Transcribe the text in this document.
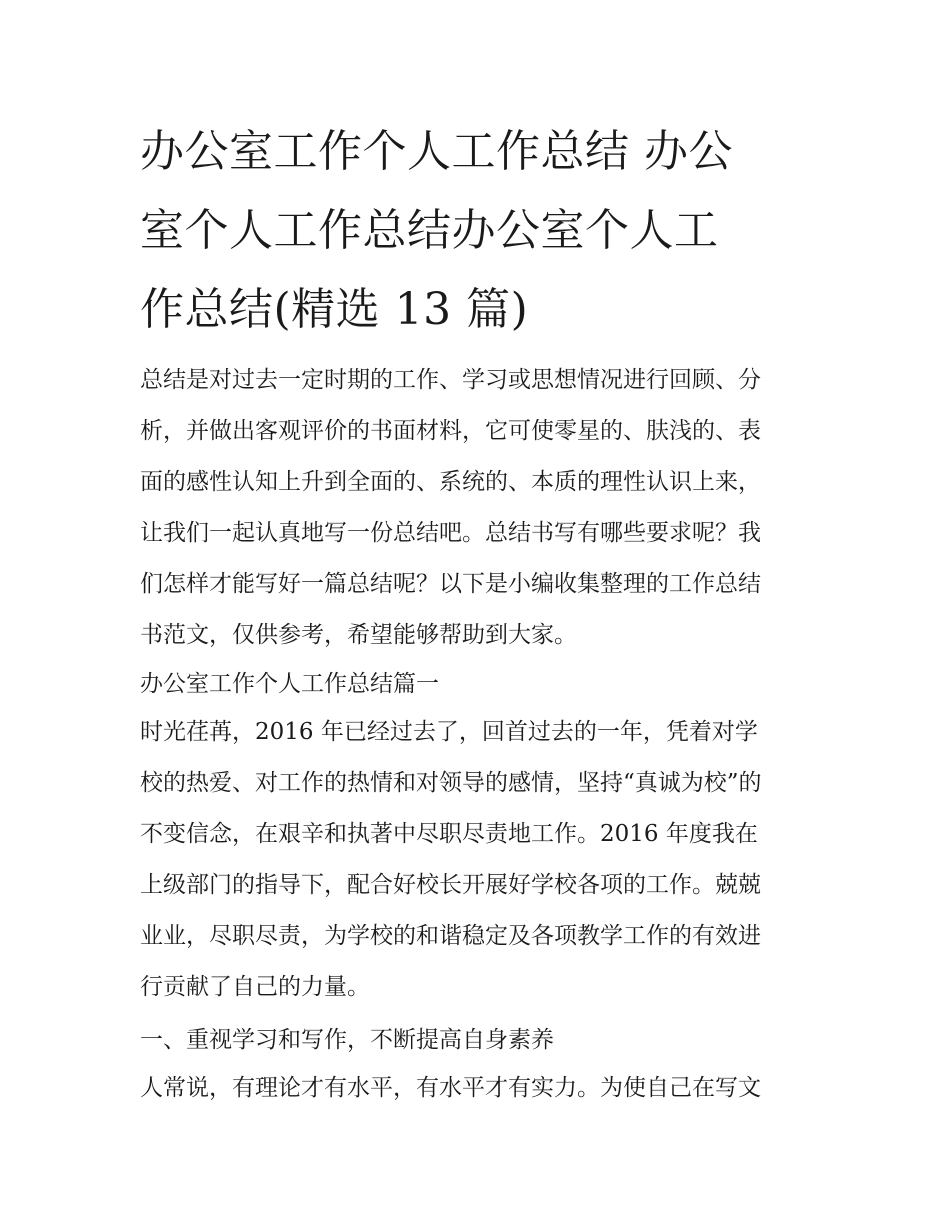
办公室工作个人工作总结 办公
室个人工作总结办公室个人工
作总结(精选 13 篇)
总结是对过去一定时期的工作、学习或思想情况进行回顾、分
析，并做出客观评价的书面材料，它可使零星的、肤浅的、表
面的感性认知上升到全面的、系统的、本质的理性认识上来，
让我们一起认真地写一份总结吧。总结书写有哪些要求呢？我
们怎样才能写好一篇总结呢？以下是小编收集整理的工作总结
书范文，仅供参考，希望能够帮助到大家。
办公室工作个人工作总结篇一
时光荏苒，2016 年已经过去了，回首过去的一年，凭着对学
校的热爱、对工作的热情和对领导的感情，坚持“真诚为校”的
不变信念，在艰辛和执著中尽职尽责地工作。2016 年度我在
上级部门的指导下，配合好校长开展好学校各项的工作。兢兢
业业，尽职尽责，为学校的和谐稳定及各项教学工作的有效进
行贡献了自己的力量。
一、重视学习和写作，不断提高自身素养
人常说，有理论才有水平，有水平才有实力。为使自己在写文
